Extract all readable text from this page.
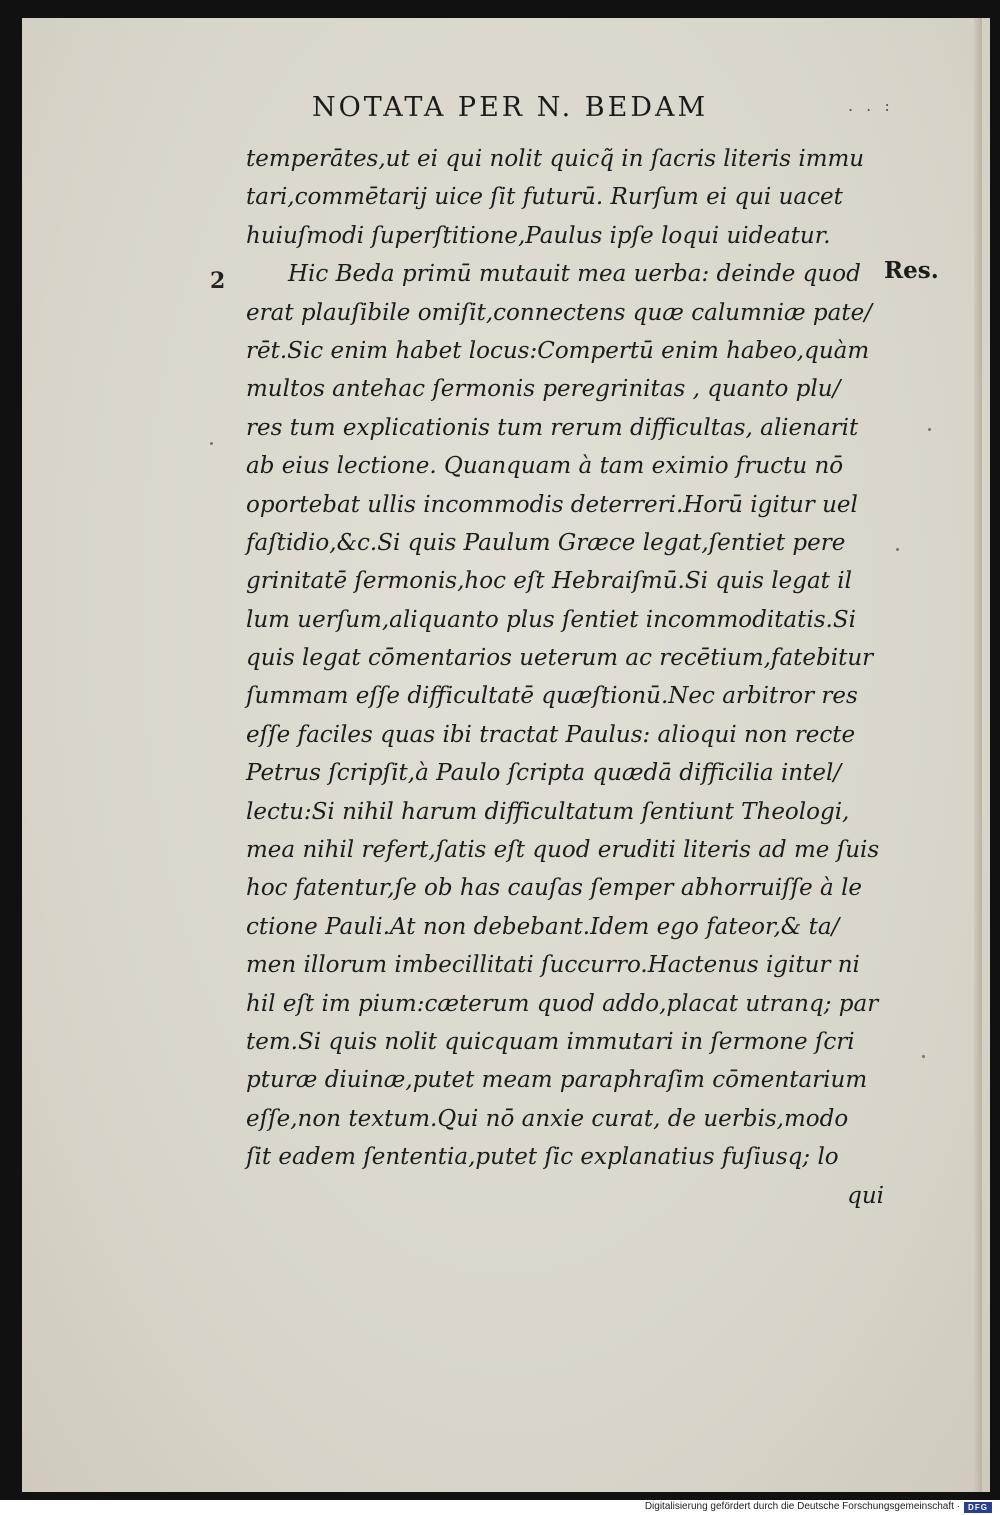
NOTATA PER N. BEDAM	. . :
2	Res.
temperātes,ut ei qui nolit quicq̃ in ſacris literis immu
tari,commētarij uice ſit futurū. Rurſum ei qui uacet
huiuſmodi ſuperſtitione,Paulus ipſe loqui uideatur.
Hic Beda primū mutauit mea uerba: deinde quod
erat plauſibile omiſit,connectens quæ calumniæ pate/
rēt.Sic enim habet locus:Compertū enim habeo,quàm
multos antehac ſermonis peregrinitas , quanto plu/
res tum explicationis tum rerum difficultas, alienarit
ab eius lectione. Quanquam à tam eximio fructu nō
oportebat ullis incommodis deterreri.Horū igitur uel
faſtidio,&c.Si quis Paulum Græce legat,ſentiet pere
grinitatē ſermonis,hoc eſt Hebraiſmū.Si quis legat il
lum uerſum,aliquanto plus ſentiet incommoditatis.Si
quis legat cōmentarios ueterum ac recētium,fatebitur
ſummam eſſe difficultatē quæſtionū.Nec arbitror res
eſſe faciles quas ibi tractat Paulus: alioqui non recte
Petrus ſcripſit,à Paulo ſcripta quædā difficilia intel/
lectu:Si nihil harum difficultatum ſentiunt Theologi,
mea nihil refert,ſatis eſt quod eruditi literis ad me ſuis
hoc fatentur,ſe ob has cauſas ſemper abhorruiſſe à le
ctione Pauli.At non debebant.Idem ego fateor,& ta/
men illorum imbecillitati ſuccurro.Hactenus igitur ni
hil eſt im pium:cæterum quod addo,placat utranq; par
tem.Si quis nolit quicquam immutari in ſermone ſcri
pturæ diuinæ,putet meam paraphraſim cōmentarium
eſſe,non textum.Qui nō anxie curat, de uerbis,modo
ſit eadem ſententia,putet ſic explanatius fuſiusq; lo
qui
Digitalisierung gefördert durch die Deutsche Forschungsgemeinschaft ·	DFG
